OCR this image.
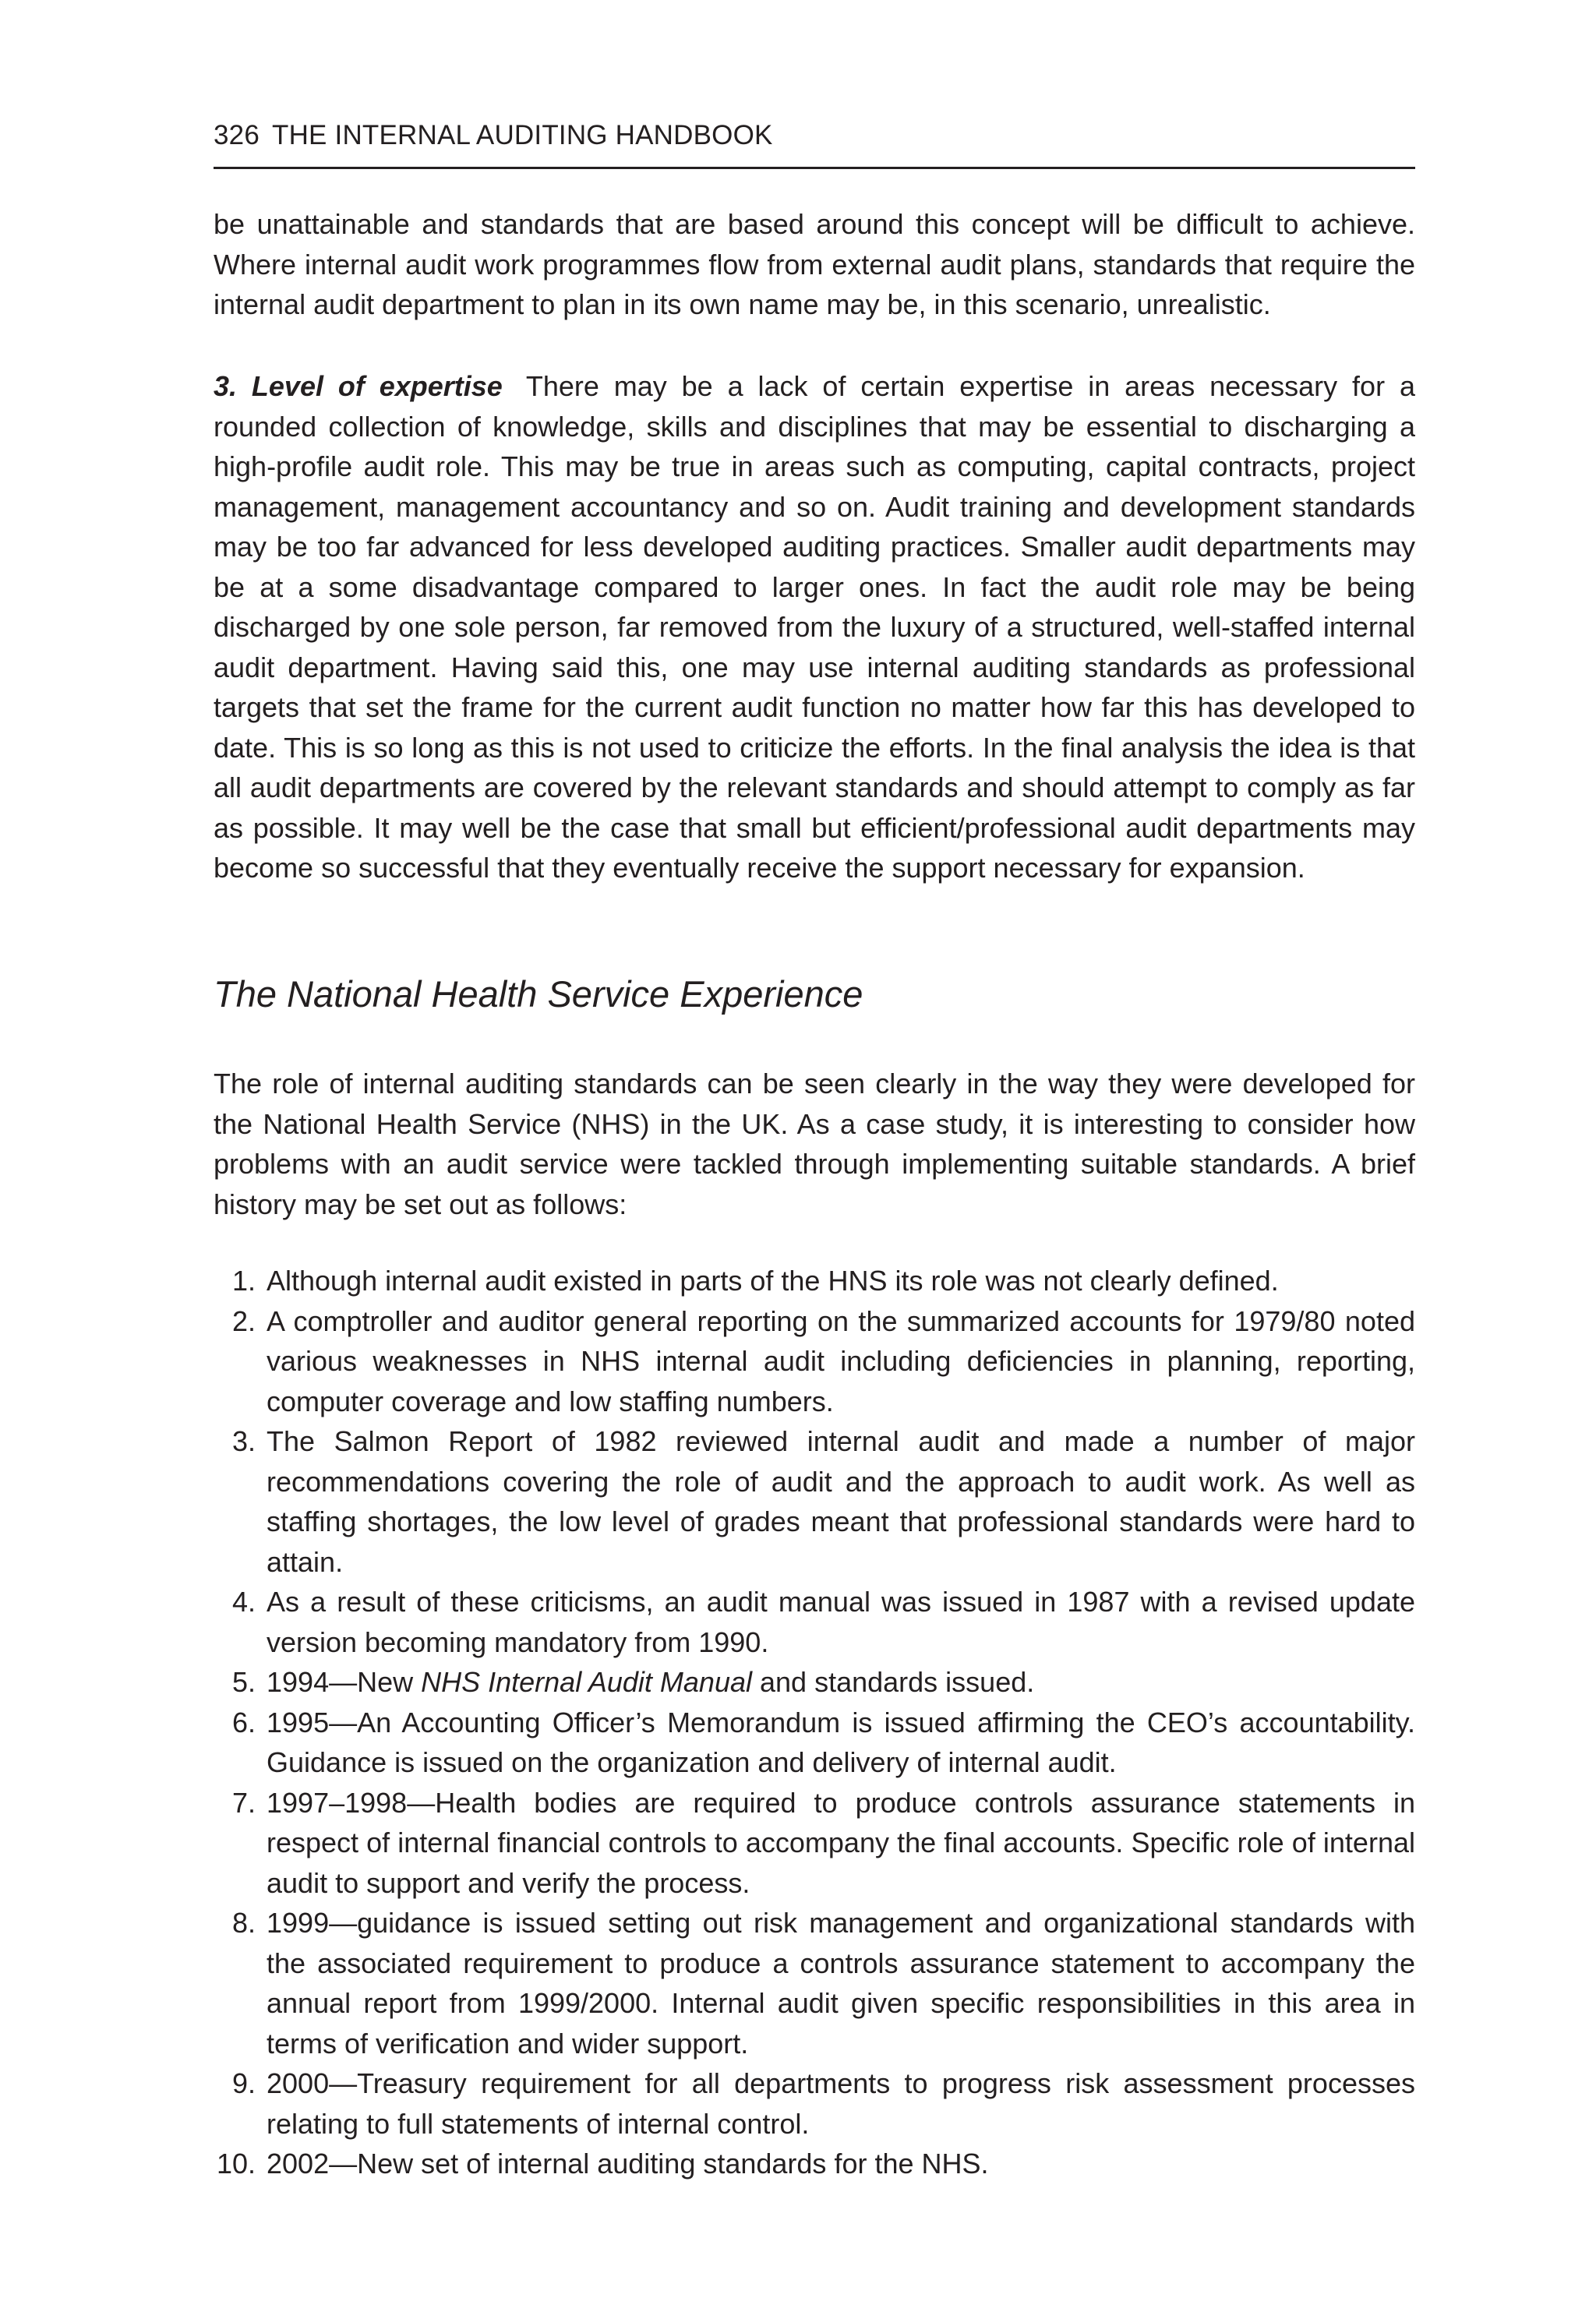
326 THE INTERNAL AUDITING HANDBOOK

be unattainable and standards that are based around this concept will be difficult to achieve. Where internal audit work programmes flow from external audit plans, standards that require the internal audit department to plan in its own name may be, in this scenario, unrealistic.

3. Level of expertise There may be a lack of certain expertise in areas necessary for a rounded collection of knowledge, skills and disciplines that may be essential to discharging a high-profile audit role. This may be true in areas such as computing, capital contracts, project management, management accountancy and so on. Audit training and development standards may be too far advanced for less developed auditing practices. Smaller audit departments may be at a some disadvantage compared to larger ones. In fact the audit role may be being discharged by one sole person, far removed from the luxury of a structured, well-staffed internal audit department. Having said this, one may use internal auditing standards as professional targets that set the frame for the current audit function no matter how far this has developed to date. This is so long as this is not used to criticize the efforts. In the final analysis the idea is that all audit departments are covered by the relevant standards and should attempt to comply as far as possible. It may well be the case that small but efficient/professional audit departments may become so successful that they eventually receive the support necessary for expansion.

The National Health Service Experience

The role of internal auditing standards can be seen clearly in the way they were developed for the National Health Service (NHS) in the UK. As a case study, it is interesting to consider how problems with an audit service were tackled through implementing suitable standards. A brief history may be set out as follows:

1 . Although internal audit existed in parts of the HNS its role was not clearly defined.
2 . A comptroller and auditor general reporting on the summarized accounts for 1979/80 noted various weaknesses in NHS internal audit including deficiencies in planning, reporting, computer coverage and low staffing numbers.
3 . The Salmon Report of 1982 reviewed internal audit and made a number of major recommendations covering the role of audit and the approach to audit work. As well as staffing shortages, the low level of grades meant that professional standards were hard to attain.
4 . As a result of these criticisms, an audit manual was issued in 1987 with a revised update version becoming mandatory from 1990.
5 . 1994—New NHS Internal Audit Manual and standards issued.
6 . 1995—An Accounting Officer’s Memorandum is issued affirming the CEO’s accountability. Guidance is issued on the organization and delivery of internal audit.
7 . 1997–1998—Health bodies are required to produce controls assurance statements in respect of internal financial controls to accompany the final accounts. Specific role of internal audit to support and verify the process.
8 . 1999—guidance is issued setting out risk management and organizational standards with the associated requirement to produce a controls assurance statement to accompany the annual report from 1999/2000. Internal audit given specific responsibilities in this area in terms of verification and wider support.
9 . 2000—Treasury requirement for all departments to progress risk assessment processes relating to full statements of internal control.
10 . 2002—New set of internal auditing standards for the NHS.
